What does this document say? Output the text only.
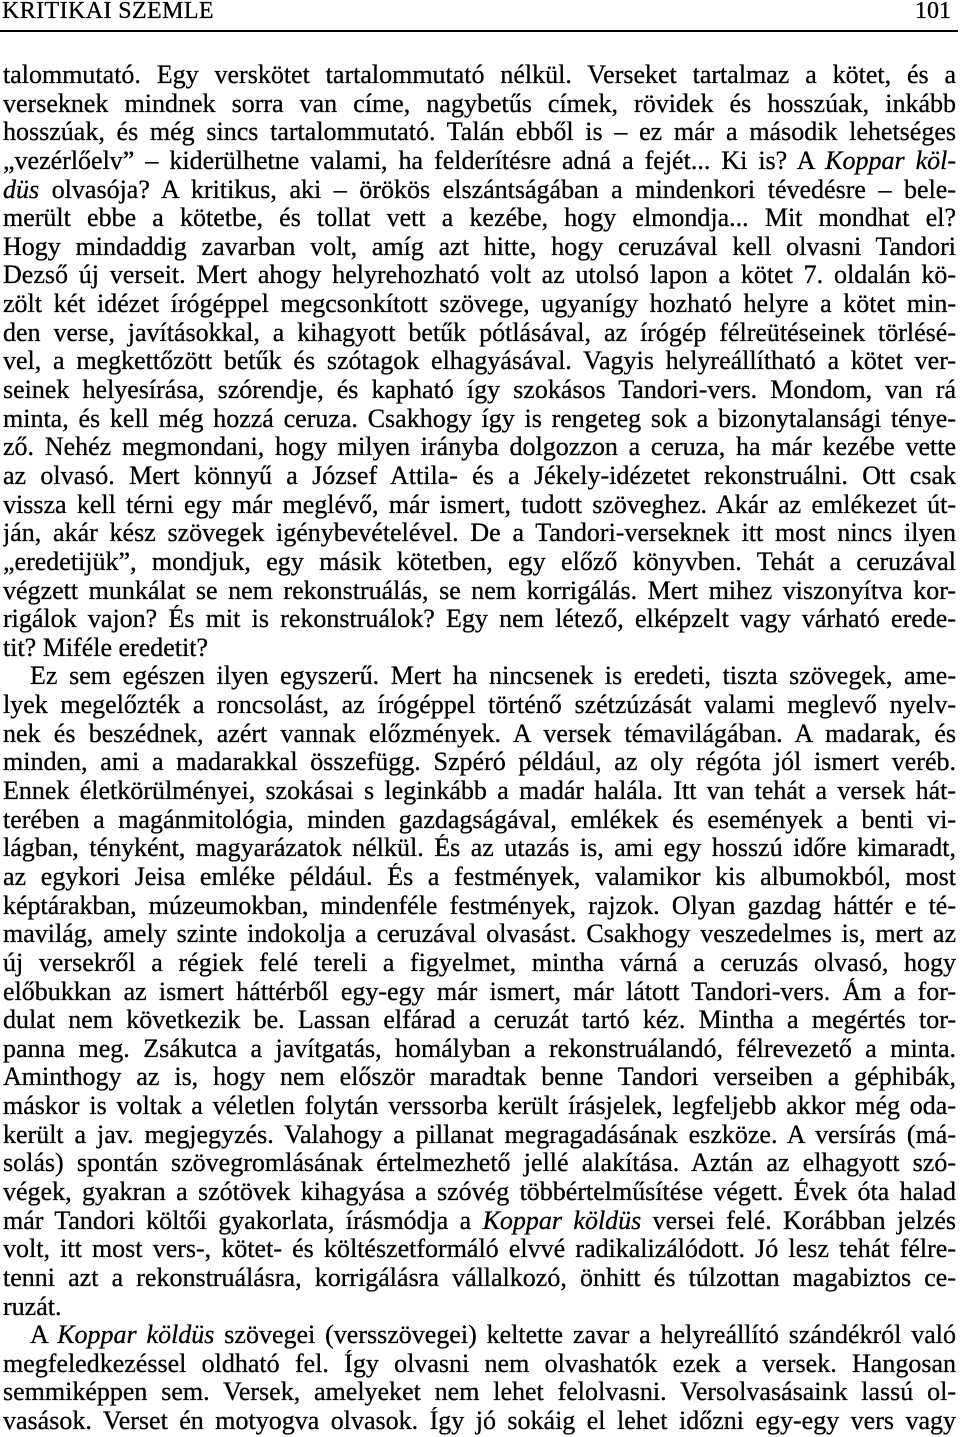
KRITIKAI SZEMLE	101
talommutató. Egy verskötet tartalommutató nélkül. Verseket tartalmaz a kötet, és a
verseknek mindnek sorra van címe, nagybetűs címek, rövidek és hosszúak, inkább
hosszúak, és még sincs tartalommutató. Talán ebből is – ez már a második lehetséges
„vezérlőelv” – kiderülhetne valami, ha felderítésre adná a fejét... Ki is? A Koppar köl-
düs olvasója? A kritikus, aki – örökös elszántságában a mindenkori tévedésre – bele-
merült ebbe a kötetbe, és tollat vett a kezébe, hogy elmondja... Mit mondhat el?
Hogy mindaddig zavarban volt, amíg azt hitte, hogy ceruzával kell olvasni Tandori
Dezső új verseit. Mert ahogy helyrehozható volt az utolsó lapon a kötet 7. oldalán kö-
zölt két idézet írógéppel megcsonkított szövege, ugyanígy hozható helyre a kötet min-
den verse, javításokkal, a kihagyott betűk pótlásával, az írógép félreütéseinek törlésé-
vel, a megkettőzött betűk és szótagok elhagyásával. Vagyis helyreállítható a kötet ver-
seinek helyesírása, szórendje, és kapható így szokásos Tandori-vers. Mondom, van rá
minta, és kell még hozzá ceruza. Csakhogy így is rengeteg sok a bizonytalansági ténye-
ző. Nehéz megmondani, hogy milyen irányba dolgozzon a ceruza, ha már kezébe vette
az olvasó. Mert könnyű a József Attila- és a Jékely-idézetet rekonstruálni. Ott csak
vissza kell térni egy már meglévő, már ismert, tudott szöveghez. Akár az emlékezet út-
ján, akár kész szövegek igénybevételével. De a Tandori-verseknek itt most nincs ilyen
„eredetijük”, mondjuk, egy másik kötetben, egy előző könyvben. Tehát a ceruzával
végzett munkálat se nem rekonstruálás, se nem korrigálás. Mert mihez viszonyítva kor-
rigálok vajon? És mit is rekonstruálok? Egy nem létező, elképzelt vagy várható erede-
tit? Miféle eredetit?
Ez sem egészen ilyen egyszerű. Mert ha nincsenek is eredeti, tiszta szövegek, ame-
lyek megelőzték a roncsolást, az írógéppel történő szétzúzását valami meglevő nyelv-
nek és beszédnek, azért vannak előzmények. A versek témavilágában. A madarak, és
minden, ami a madarakkal összefügg. Szpéró például, az oly régóta jól ismert veréb.
Ennek életkörülményei, szokásai s leginkább a madár halála. Itt van tehát a versek hát-
terében a magánmitológia, minden gazdagságával, emlékek és események a benti vi-
lágban, tényként, magyarázatok nélkül. És az utazás is, ami egy hosszú időre kimaradt,
az egykori Jeisa emléke például. És a festmények, valamikor kis albumokból, most
képtárakban, múzeumokban, mindenféle festmények, rajzok. Olyan gazdag háttér e té-
mavilág, amely szinte indokolja a ceruzával olvasást. Csakhogy veszedelmes is, mert az
új versekről a régiek felé tereli a figyelmet, mintha várná a ceruzás olvasó, hogy
előbukkan az ismert háttérből egy-egy már ismert, már látott Tandori-vers. Ám a for-
dulat nem következik be. Lassan elfárad a ceruzát tartó kéz. Mintha a megértés tor-
panna meg. Zsákutca a javítgatás, homályban a rekonstruálandó, félrevezető a minta.
Aminthogy az is, hogy nem először maradtak benne Tandori verseiben a géphibák,
máskor is voltak a véletlen folytán verssorba került írásjelek, legfeljebb akkor még oda-
került a jav. megjegyzés. Valahogy a pillanat megragadásának eszköze. A versírás (má-
solás) spontán szövegromlásának értelmezhető jellé alakítása. Aztán az elhagyott szó-
végek, gyakran a szótövek kihagyása a szóvég többértelműsítése végett. Évek óta halad
már Tandori költői gyakorlata, írásmódja a Koppar köldüs versei felé. Korábban jelzés
volt, itt most vers-, kötet- és költészetformáló elvvé radikalizálódott. Jó lesz tehát félre-
tenni azt a rekonstruálásra, korrigálásra vállalkozó, önhitt és túlzottan magabiztos ce-
ruzát.
A Koppar köldüs szövegei (versszövegei) keltette zavar a helyreállító szándékról való
megfeledkezéssel oldható fel. Így olvasni nem olvashatók ezek a versek. Hangosan
semmiképpen sem. Versek, amelyeket nem lehet felolvasni. Versolvasásaink lassú ol-
vasások. Verset én motyogva olvasok. Így jó sokáig el lehet időzni egy-egy vers vagy
